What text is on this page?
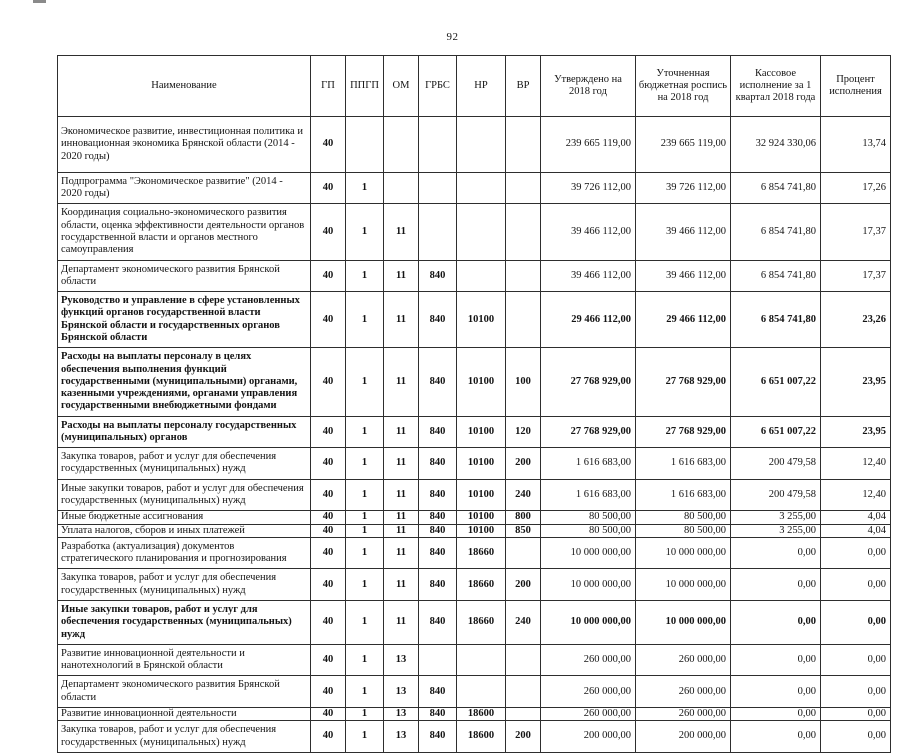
92
Наименование	ГП	ППГП	ОМ	ГРБС	НР	ВР	Утверждено на 2018 год	Уточненная бюджетная роспись на 2018 год	Кассовое исполнение за 1 квартал 2018 года	Процент исполнения
Экономическое развитие, инвестиционная политика и инновационная экономика Брянской области (2014 - 2020 годы)	40						239 665 119,00	239 665 119,00	32 924 330,06	13,74
Подпрограмма "Экономическое развитие" (2014 - 2020 годы)	40	1					39 726 112,00	39 726 112,00	6 854 741,80	17,26
Координация социально-экономического развития области, оценка эффективности деятельности органов государственной власти и органов местного самоуправления	40	1	11				39 466 112,00	39 466 112,00	6 854 741,80	17,37
Департамент экономического развития Брянской области	40	1	11	840			39 466 112,00	39 466 112,00	6 854 741,80	17,37
Руководство и управление в сфере установленных функций органов государственной власти Брянской области и государственных органов Брянской области	40	1	11	840	10100		29 466 112,00	29 466 112,00	6 854 741,80	23,26
Расходы на выплаты персоналу в целях обеспечения выполнения функций государственными (муниципальными) органами, казенными учреждениями, органами управления государственными внебюджетными фондами	40	1	11	840	10100	100	27 768 929,00	27 768 929,00	6 651 007,22	23,95
Расходы на выплаты персоналу государственных (муниципальных) органов	40	1	11	840	10100	120	27 768 929,00	27 768 929,00	6 651 007,22	23,95
Закупка товаров, работ и услуг для обеспечения государственных (муниципальных) нужд	40	1	11	840	10100	200	1 616 683,00	1 616 683,00	200 479,58	12,40
Иные закупки товаров, работ и услуг для обеспечения государственных (муниципальных) нужд	40	1	11	840	10100	240	1 616 683,00	1 616 683,00	200 479,58	12,40
Иные бюджетные ассигнования	40	1	11	840	10100	800	80 500,00	80 500,00	3 255,00	4,04
Уплата налогов, сборов и иных платежей	40	1	11	840	10100	850	80 500,00	80 500,00	3 255,00	4,04
Разработка (актуализация) документов стратегического планирования и прогнозирования	40	1	11	840	18660		10 000 000,00	10 000 000,00	0,00	0,00
Закупка товаров, работ и услуг для обеспечения государственных (муниципальных) нужд	40	1	11	840	18660	200	10 000 000,00	10 000 000,00	0,00	0,00
Иные закупки товаров, работ и услуг для обеспечения государственных (муниципальных) нужд	40	1	11	840	18660	240	10 000 000,00	10 000 000,00	0,00	0,00
Развитие инновационной деятельности и нанотехнологий в Брянской области	40	1	13				260 000,00	260 000,00	0,00	0,00
Департамент экономического развития Брянской области	40	1	13	840			260 000,00	260 000,00	0,00	0,00
Развитие инновационной деятельности	40	1	13	840	18600		260 000,00	260 000,00	0,00	0,00
Закупка товаров, работ и услуг для обеспечения государственных (муниципальных) нужд	40	1	13	840	18600	200	200 000,00	200 000,00	0,00	0,00
